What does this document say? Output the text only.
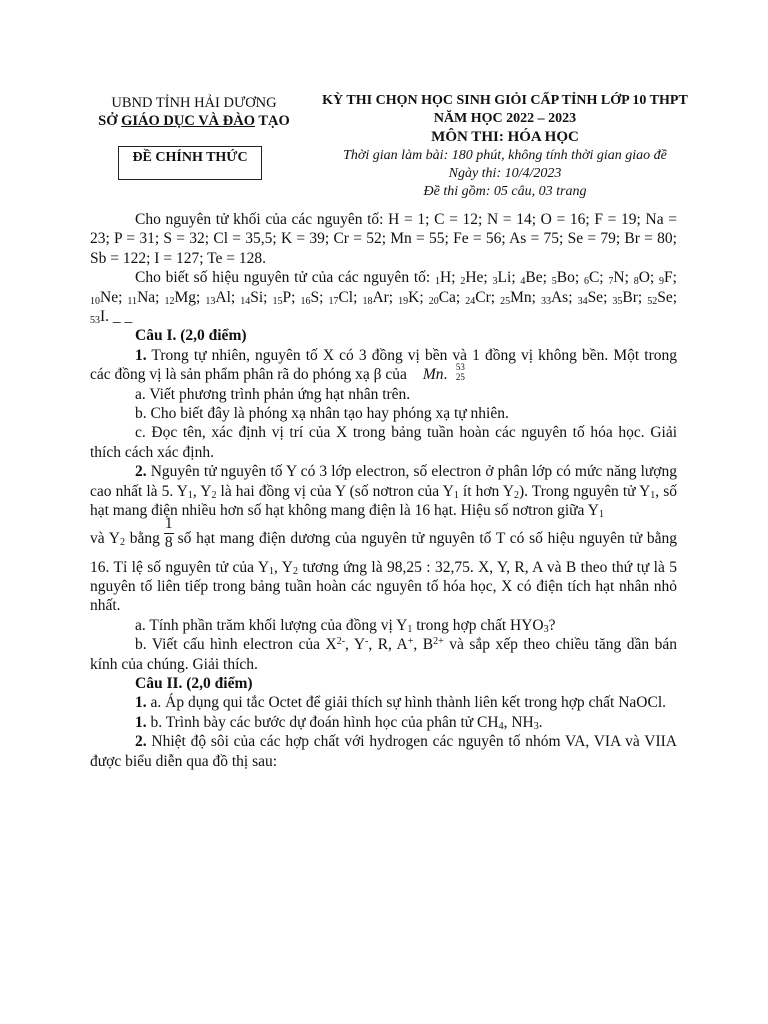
UBND TỈNH HẢI DƯƠNG
SỞ GIÁO DỤC VÀ ĐÀO TẠO
ĐỀ CHÍNH THỨC
KỲ THI CHỌN HỌC SINH GIỎI CẤP TỈNH LỚP 10 THPT
NĂM HỌC 2022 – 2023
MÔN THI: HÓA HỌC
Thời gian làm bài: 180 phút, không tính thời gian giao đề
Ngày thi: 10/4/2023
Đề thi gồm: 05 câu, 03 trang

Cho nguyên tử khối của các nguyên tố: H = 1; C = 12; N = 14; O = 16; F = 19; Na = 23; P = 31; S = 32; Cl = 35,5; K = 39; Cr = 52; Mn = 55; Fe = 56; As = 75; Se = 79; Br = 80; Sb = 122; I = 127; Te = 128.

Cho biết số hiệu nguyên tử của các nguyên tố: $_1$H; $_2$He; $_3$Li; $_4$Be; $_5$Bo; $_6$C; $_7$N; $_8$O; $_9$F; $_{10}$Ne; $_{11}$Na; $_{12}$Mg; $_{13}$Al; $_{14}$Si; $_{15}$P; $_{16}$S; $_{17}$Cl; $_{18}$Ar; $_{19}$K; $_{20}$Ca; $_{24}$Cr; $_{25}$Mn; $_{33}$As; $_{34}$Se; $_{35}$Br; $_{52}$Se; $_{53}$I. _ _

Câu I. (2,0 điểm)

1. Trong tự nhiên, nguyên tố X có 3 đồng vị bền và 1 đồng vị không bền. Một trong các đồng vị là sản phẩm phân rã do phóng xạ β của	53
25
Mn.

a. Viết phương trình phản ứng hạt nhân trên.

b. Cho biết đây là phóng xạ nhân tạo hay phóng xạ tự nhiên.

c. Đọc tên, xác định vị trí của X trong bảng tuần hoàn các nguyên tố hóa học. Giải thích cách xác định.

2. Nguyên tử nguyên tố Y có 3 lớp electron, số electron ở phân lớp có mức năng lượng cao nhất là 5. $Y_1$, $Y_2$ là hai đồng vị của Y (số nơtron của $Y_1$ ít hơn $Y_2$). Trong nguyên tử $Y_1$, số hạt mang điện nhiều hơn số hạt không mang điện là 16 hạt. Hiệu số nơtron giữa $Y_1$

và $Y_2$ bằng $\frac{1}{8}$ số hạt mang điện dương của nguyên tử nguyên tố T có số hiệu nguyên tử bằng 16. Tỉ lệ số nguyên tử của $Y_1$, $Y_2$ tương ứng là 98,25 : 32,75. X, Y, R, A và B theo thứ tự là 5 nguyên tố liên tiếp trong bảng tuần hoàn các nguyên tố hóa học, X có điện tích hạt nhân nhỏ nhất.

a. Tính phần trăm khối lượng của đồng vị $Y_1$ trong hợp chất $HYO_3$?

b. Viết cấu hình electron của $X^{2-}$, Y-, R, A+, $B^{2+}$ và sắp xếp theo chiều tăng dần bán kính của chúng. Giải thích.

Câu II. (2,0 điểm)

1. a. Áp dụng qui tắc Octet để giải thích sự hình thành liên kết trong hợp chất NaOCl.

1. b. Trình bày các bước dự đoán hình học của phân tử $CH_4$, $NH_3$.

2. Nhiệt độ sôi của các hợp chất với hydrogen các nguyên tố nhóm VA, VIA và VIIA được biểu diễn qua đồ thị sau:
